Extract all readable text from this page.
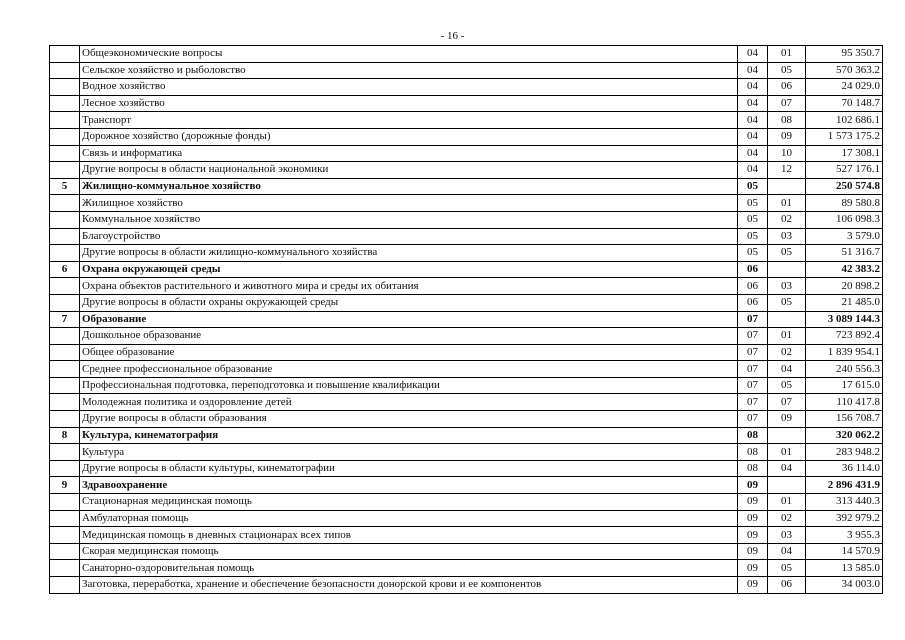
- 16 -
	Общеэкономические вопросы	04	01	95 350.7
	Сельское хозяйство и рыболовство	04	05	570 363.2
	Водное хозяйство	04	06	24 029.0
	Лесное хозяйство	04	07	70 148.7
	Транспорт	04	08	102 686.1
	Дорожное хозяйство (дорожные фонды)	04	09	1 573 175.2
	Связь и информатика	04	10	17 308.1
	Другие вопросы в области национальной экономики	04	12	527 176.1
5	Жилищно-коммунальное хозяйство	05		250 574.8
	Жилищное хозяйство	05	01	89 580.8
	Коммунальное хозяйство	05	02	106 098.3
	Благоустройство	05	03	3 579.0
	Другие вопросы в области жилищно-коммунального хозяйства	05	05	51 316.7
6	Охрана окружающей среды	06		42 383.2
	Охрана объектов растительного и животного мира и среды их обитания	06	03	20 898.2
	Другие вопросы в области охраны окружающей среды	06	05	21 485.0
7	Образование	07		3 089 144.3
	Дошкольное образование	07	01	723 892.4
	Общее образование	07	02	1 839 954.1
	Среднее профессиональное образование	07	04	240 556.3
	Профессиональная подготовка, переподготовка и повышение квалификации	07	05	17 615.0
	Молодежная политика и оздоровление детей	07	07	110 417.8
	Другие вопросы в области образования	07	09	156 708.7
8	Культура, кинематография	08		320 062.2
	Культура	08	01	283 948.2
	Другие вопросы в области культуры, кинематографии	08	04	36 114.0
9	Здравоохранение	09		2 896 431.9
	Стационарная медицинская помощь	09	01	313 440.3
	Амбулаторная помощь	09	02	392 979.2
	Медицинская помощь в дневных стационарах всех типов	09	03	3 955.3
	Скорая медицинская помощь	09	04	14 570.9
	Санаторно-оздоровительная помощь	09	05	13 585.0
	Заготовка, переработка, хранение и обеспечение безопасности донорской крови и ее компонентов	09	06	34 003.0
